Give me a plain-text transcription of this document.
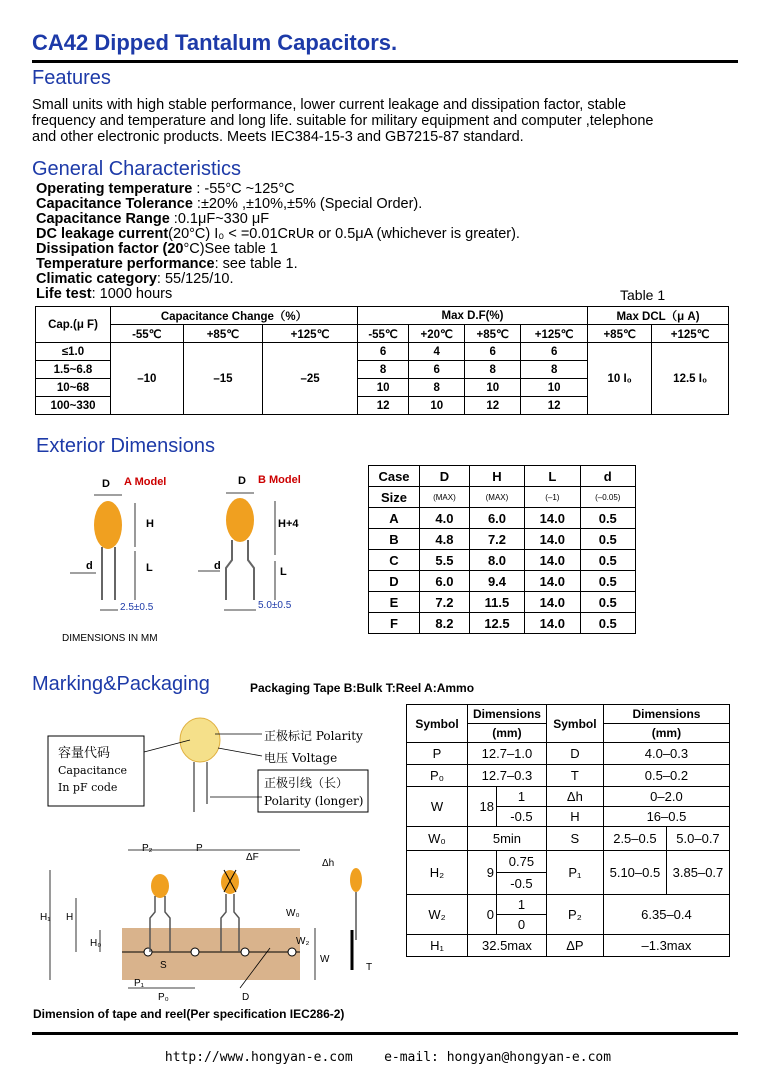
CA42 Dipped Tantalum Capacitors.
Features
Small units with high stable performance, lower current leakage and dissipation factor, stable
frequency and temperature and long life. suitable for military equipment and computer ,telephone
and other electronic products. Meets IEC384-15-3 and GB7215-87 standard.
General Characteristics
Operating temperature : -55°C ~125°C
Capacitance Tolerance :±20% ,±10%,±5% (Special Order).
Capacitance Range :0.1μF~330 μF
DC leakage current(20°C) I₀ < =0.01CʀUʀ or 0.5μA (whichever is greater).
Dissipation factor (20°C)See table 1
Temperature performance: see table 1.
Climatic category: 55/125/10.
Life test: 1000 hours	Table 1
Cap.(μ F)	Capacitance Change（%）			Max D.F(%)				Max DCL（μ A)	
	-55℃	+85℃	+125℃	-55℃	+20℃	+85℃	+125℃	+85℃	+125℃
≤1.0	–10	–15	–25	6	4	6	6	10 I₀	12.5 I₀
1.5~6.8				8	6	8	8		
10~68				10	8	10	10		
100~330				12	10	12	12		
Exterior Dimensions
D A Model
H
L
d
2.5±0.5
D B Model
H+4
L
d
5.0±0.5
DIMENSIONS IN MM
Case	D	H	L	d
Size	(MAX)	(MAX)	(–1)	(–0.05)
A	4.0	6.0	14.0	0.5
B	4.8	7.2	14.0	0.5
C	5.5	8.0	14.0	0.5
D	6.0	9.4	14.0	0.5
E	7.2	11.5	14.0	0.5
F	8.2	12.5	14.0	0.5
Marking&Packaging	Packaging Tape B:Bulk T:Reel A:Ammo
容量代码
Capacitance
In pF code
正极标记 Polarity
电压 Voltage
正极引线（长）
Polarity (longer)
P₂	P
ΔF
Δh
H₁ H
H₀
W₀
W₂
W
S
P₁
P₀	D
T
Symbol	Dimensions		Symbol	Dimensions	
	(mm)			(mm)	
P	12.7–1.0		D	4.0–0.3	
P₀	12.7–0.3		T	0.5–0.2	
W	18	1	Δh	0–2.0	
		-0.5	H	16–0.5	
W₀	5min		S	2.5–0.5	5.0–0.7
H₂	9	0.75	P₁	5.10–0.5	3.85–0.7
		-0.5			
W₂	0	1	P₂	6.35–0.4	
		0			
H₁	32.5max		ΔP	–1.3max	
Dimension of tape and reel(Per specification IEC286-2)
http://www.hongyan-e.com e-mail: hongyan@hongyan-e.com
